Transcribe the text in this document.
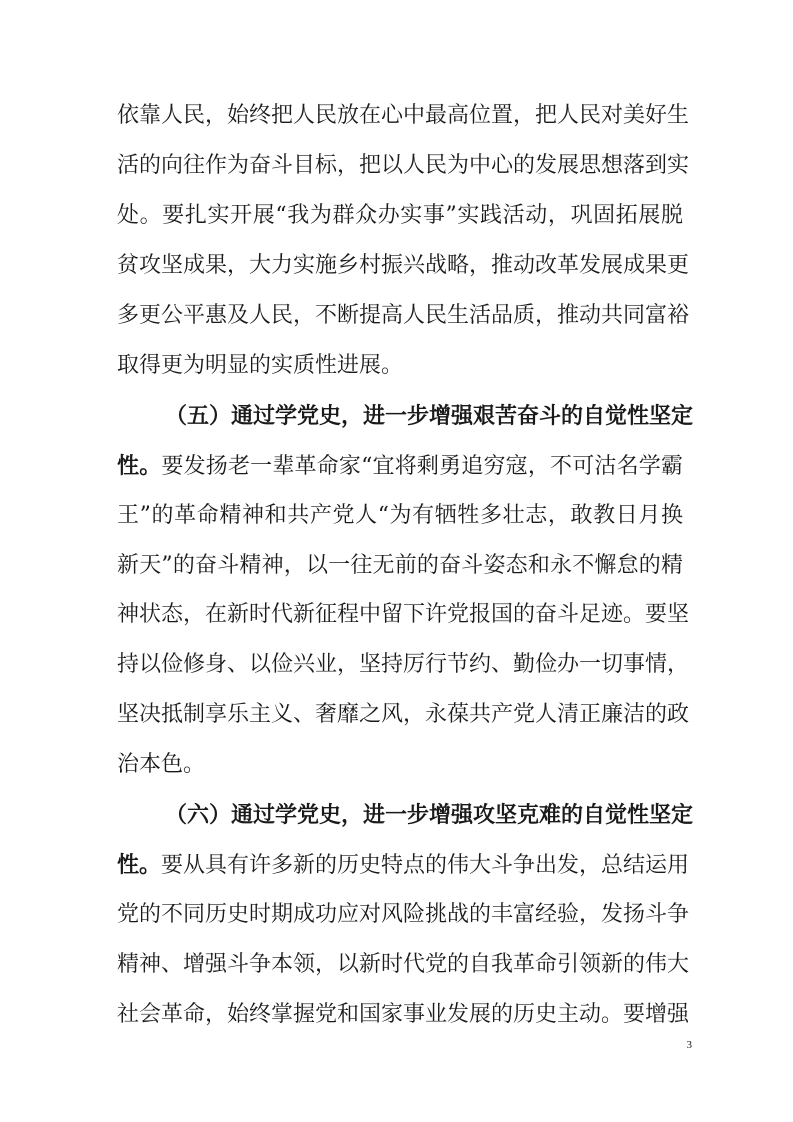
依靠人民，始终把人民放在心中最高位置，把人民对美好生
活的向往作为奋斗目标，把以人民为中心的发展思想落到实
处。要扎实开展“我为群众办实事”实践活动，巩固拓展脱
贫攻坚成果，大力实施乡村振兴战略，推动改革发展成果更
多更公平惠及人民，不断提高人民生活品质，推动共同富裕
取得更为明显的实质性进展。
（五）通过学党史，进一步增强艰苦奋斗的自觉性坚定
性。要发扬老一辈革命家“宜将剩勇追穷寇，不可沽名学霸
王”的革命精神和共产党人“为有牺牲多壮志，敢教日月换
新天”的奋斗精神，以一往无前的奋斗姿态和永不懈怠的精
神状态，在新时代新征程中留下许党报国的奋斗足迹。要坚
持以俭修身、以俭兴业，坚持厉行节约、勤俭办一切事情，
坚决抵制享乐主义、奢靡之风，永葆共产党人清正廉洁的政
治本色。
（六）通过学党史，进一步增强攻坚克难的自觉性坚定
性。要从具有许多新的历史特点的伟大斗争出发，总结运用
党的不同历史时期成功应对风险挑战的丰富经验，发扬斗争
精神、增强斗争本领，以新时代党的自我革命引领新的伟大
社会革命，始终掌握党和国家事业发展的历史主动。要增强
3
